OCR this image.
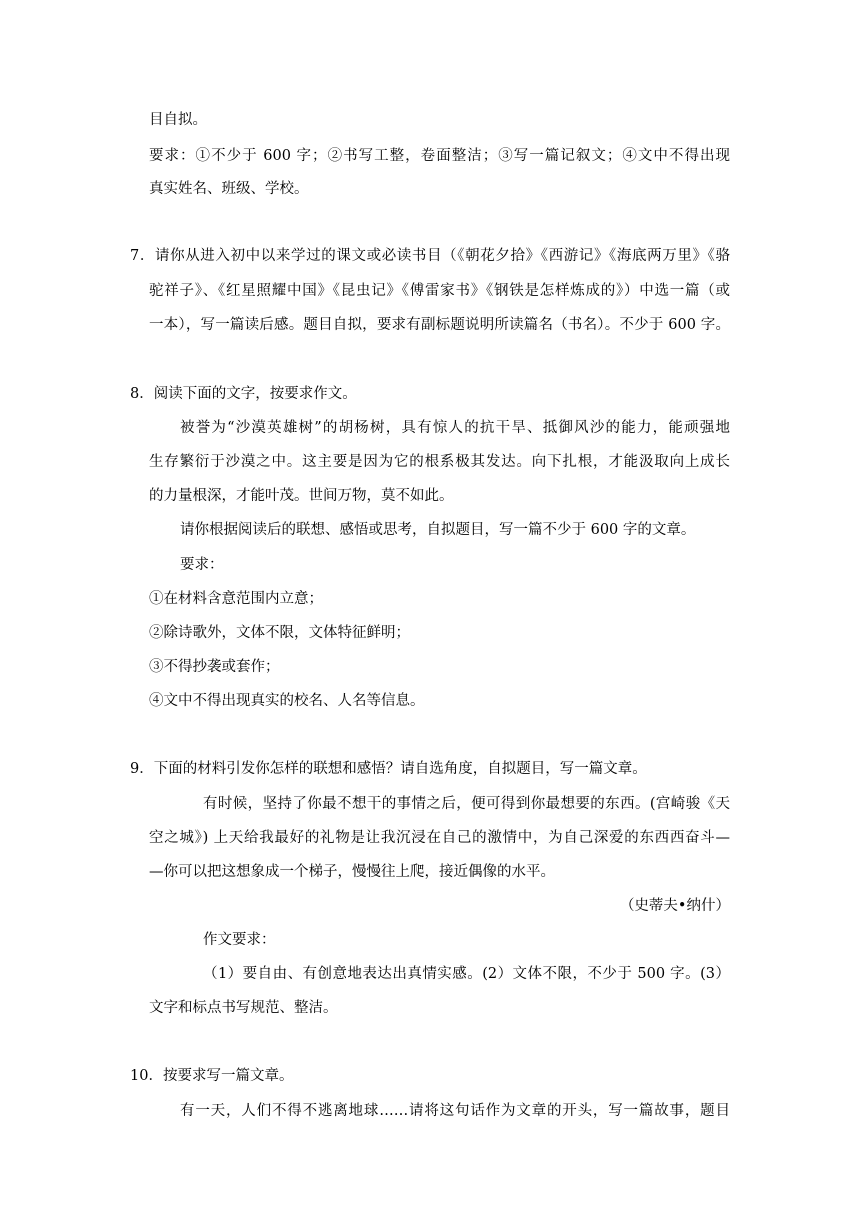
目自拟。
要求：①不少于 600 字；②书写工整，卷面整洁；③写一篇记叙文；④文中不得出现
真实姓名、班级、学校。
7．请你从进入初中以来学过的课文或必读书目（《朝花夕拾》《西游记》《海底两万里》《骆
驼祥子》、《红星照耀中国》《昆虫记》《傅雷家书》《钢铁是怎样炼成的》）中选一篇（或
一本），写一篇读后感。题目自拟，要求有副标题说明所读篇名（书名）。不少于 600 字。
8．阅读下面的文字，按要求作文。
被誉为“沙漠英雄树”的胡杨树，具有惊人的抗干旱、抵御风沙的能力，能顽强地
生存繁衍于沙漠之中。这主要是因为它的根系极其发达。向下扎根，才能汲取向上成长
的力量根深，才能叶茂。世间万物，莫不如此。
请你根据阅读后的联想、感悟或思考，自拟题目，写一篇不少于 600 字的文章。
要求：
①在材料含意范围内立意；
②除诗歌外，文体不限，文体特征鲜明；
③不得抄袭或套作；
④文中不得出现真实的校名、人名等信息。
9．下面的材料引发你怎样的联想和感悟？请自选角度，自拟题目，写一篇文章。
有时候，坚持了你最不想干的事情之后，便可得到你最想要的东西。(宫崎骏《天
空之城》) 上天给我最好的礼物是让我沉浸在自己的激情中，为自己深爱的东西西奋斗—
—你可以把这想象成一个梯子，慢慢往上爬，接近偶像的水平。
（史蒂夫•纳什）
作文要求：
（1）要自由、有创意地表达出真情实感。(2）文体不限，不少于 500 字。(3）
文字和标点书写规范、整洁。
10．按要求写一篇文章。
有一天，人们不得不逃离地球……请将这句话作为文章的开头，写一篇故事，题目
